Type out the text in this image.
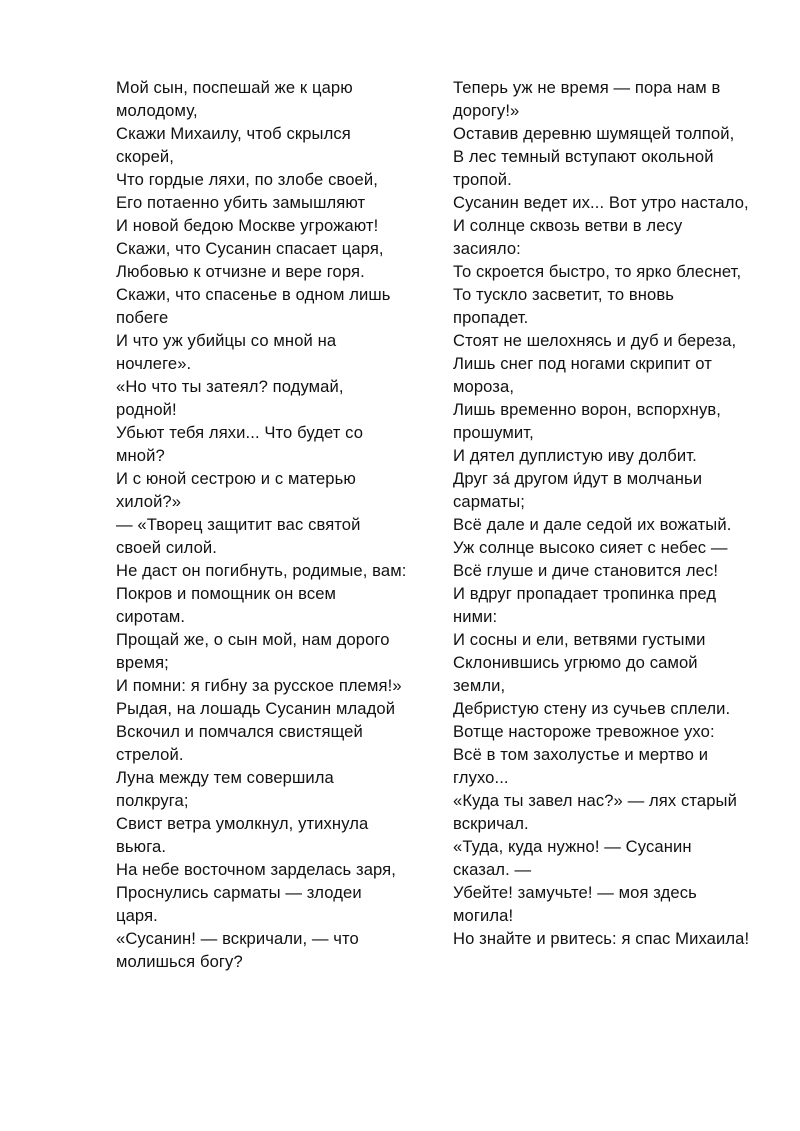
Мой сын, поспешай же к царю молодому,
Скажи Михаилу, чтоб скрылся скорей,
Что гордые ляхи, по злобе своей,
Его потаенно убить замышляют
И новой бедою Москве угрожают!
Скажи, что Сусанин спасает царя,
Любовью к отчизне и вере горя.
Скажи, что спасенье в одном лишь побеге
И что уж убийцы со мной на ночлеге».
«Но что ты затеял? подумай, родной!
Убьют тебя ляхи... Что будет со мной?
И с юной сестрою и с матерью хилой?»
— «Творец защитит вас святой своей силой.
Не даст он погибнуть, родимые, вам:
Покров и помощник он всем сиротам.
Прощай же, о сын мой, нам дорого время;
И помни: я гибну за русское племя!»
Рыдая, на лошадь Сусанин младой
Вскочил и помчался свистящей стрелой.
Луна между тем совершила полкруга;
Свист ветра умолкнул, утихнула вьюга.
На небе восточном зарделась заря,
Проснулись сарматы — злодеи царя.
«Сусанин! — вскричали, — что молишься богу?
Теперь уж не время — пора нам в дорогу!»
Оставив деревню шумящей толпой,
В лес темный вступают окольной тропой.
Сусанин ведет их... Вот утро настало,
И солнце сквозь ветви в лесу засияло:
То скроется быстро, то ярко блеснет,
То тускло засветит, то вновь пропадет.
Стоят не шелохнясь и дуб и береза,
Лишь снег под ногами скрипит от мороза,
Лишь временно ворон, вспорхнув, прошумит,
И дятел дуплистую иву долбит.
Друг за́ другом и́дут в молчаньи сарматы;
Всё дале и дале седой их вожатый.
Уж солнце высоко сияет с небес —
Всё глуше и диче становится лес!
И вдруг пропадает тропинка пред ними:
И сосны и ели, ветвями густыми
Склонившись угрюмо до самой земли,
Дебристую стену из сучьев сплели.
Вотще настороже тревожное ухо:
Всё в том захолустье и мертво и глухо...
«Куда ты завел нас?» — лях старый вскричал.
«Туда, куда нужно! — Сусанин сказал. —
Убейте! замучьте! — моя здесь могила!
Но знайте и рвитесь: я спас Михаила!
